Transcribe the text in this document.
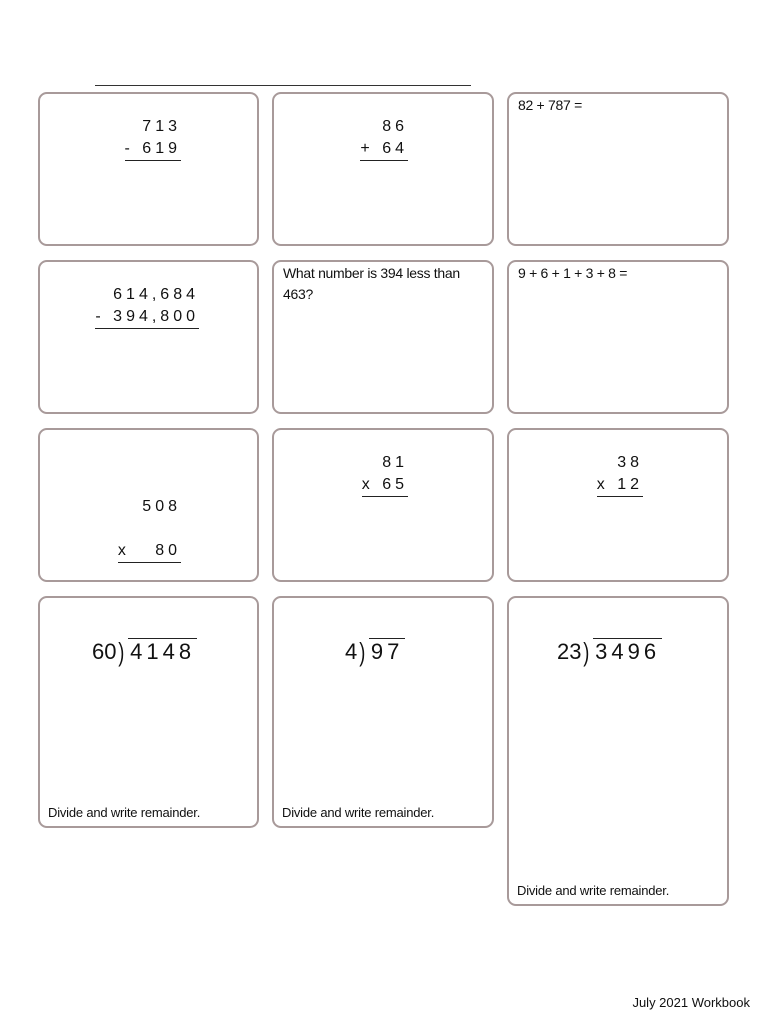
713
- 619
86
+ 64
82 + 787 =
614,684
- 394,800
What number is 394 less than 463?
9 + 6 + 1 + 3 + 8 =

508

x   80

81
x 65
38
x 12
60 ) 4148
Divide and write remainder.
4 ) 97
Divide and write remainder.
23 ) 3496
Divide and write remainder.
July 2021 Workbook
